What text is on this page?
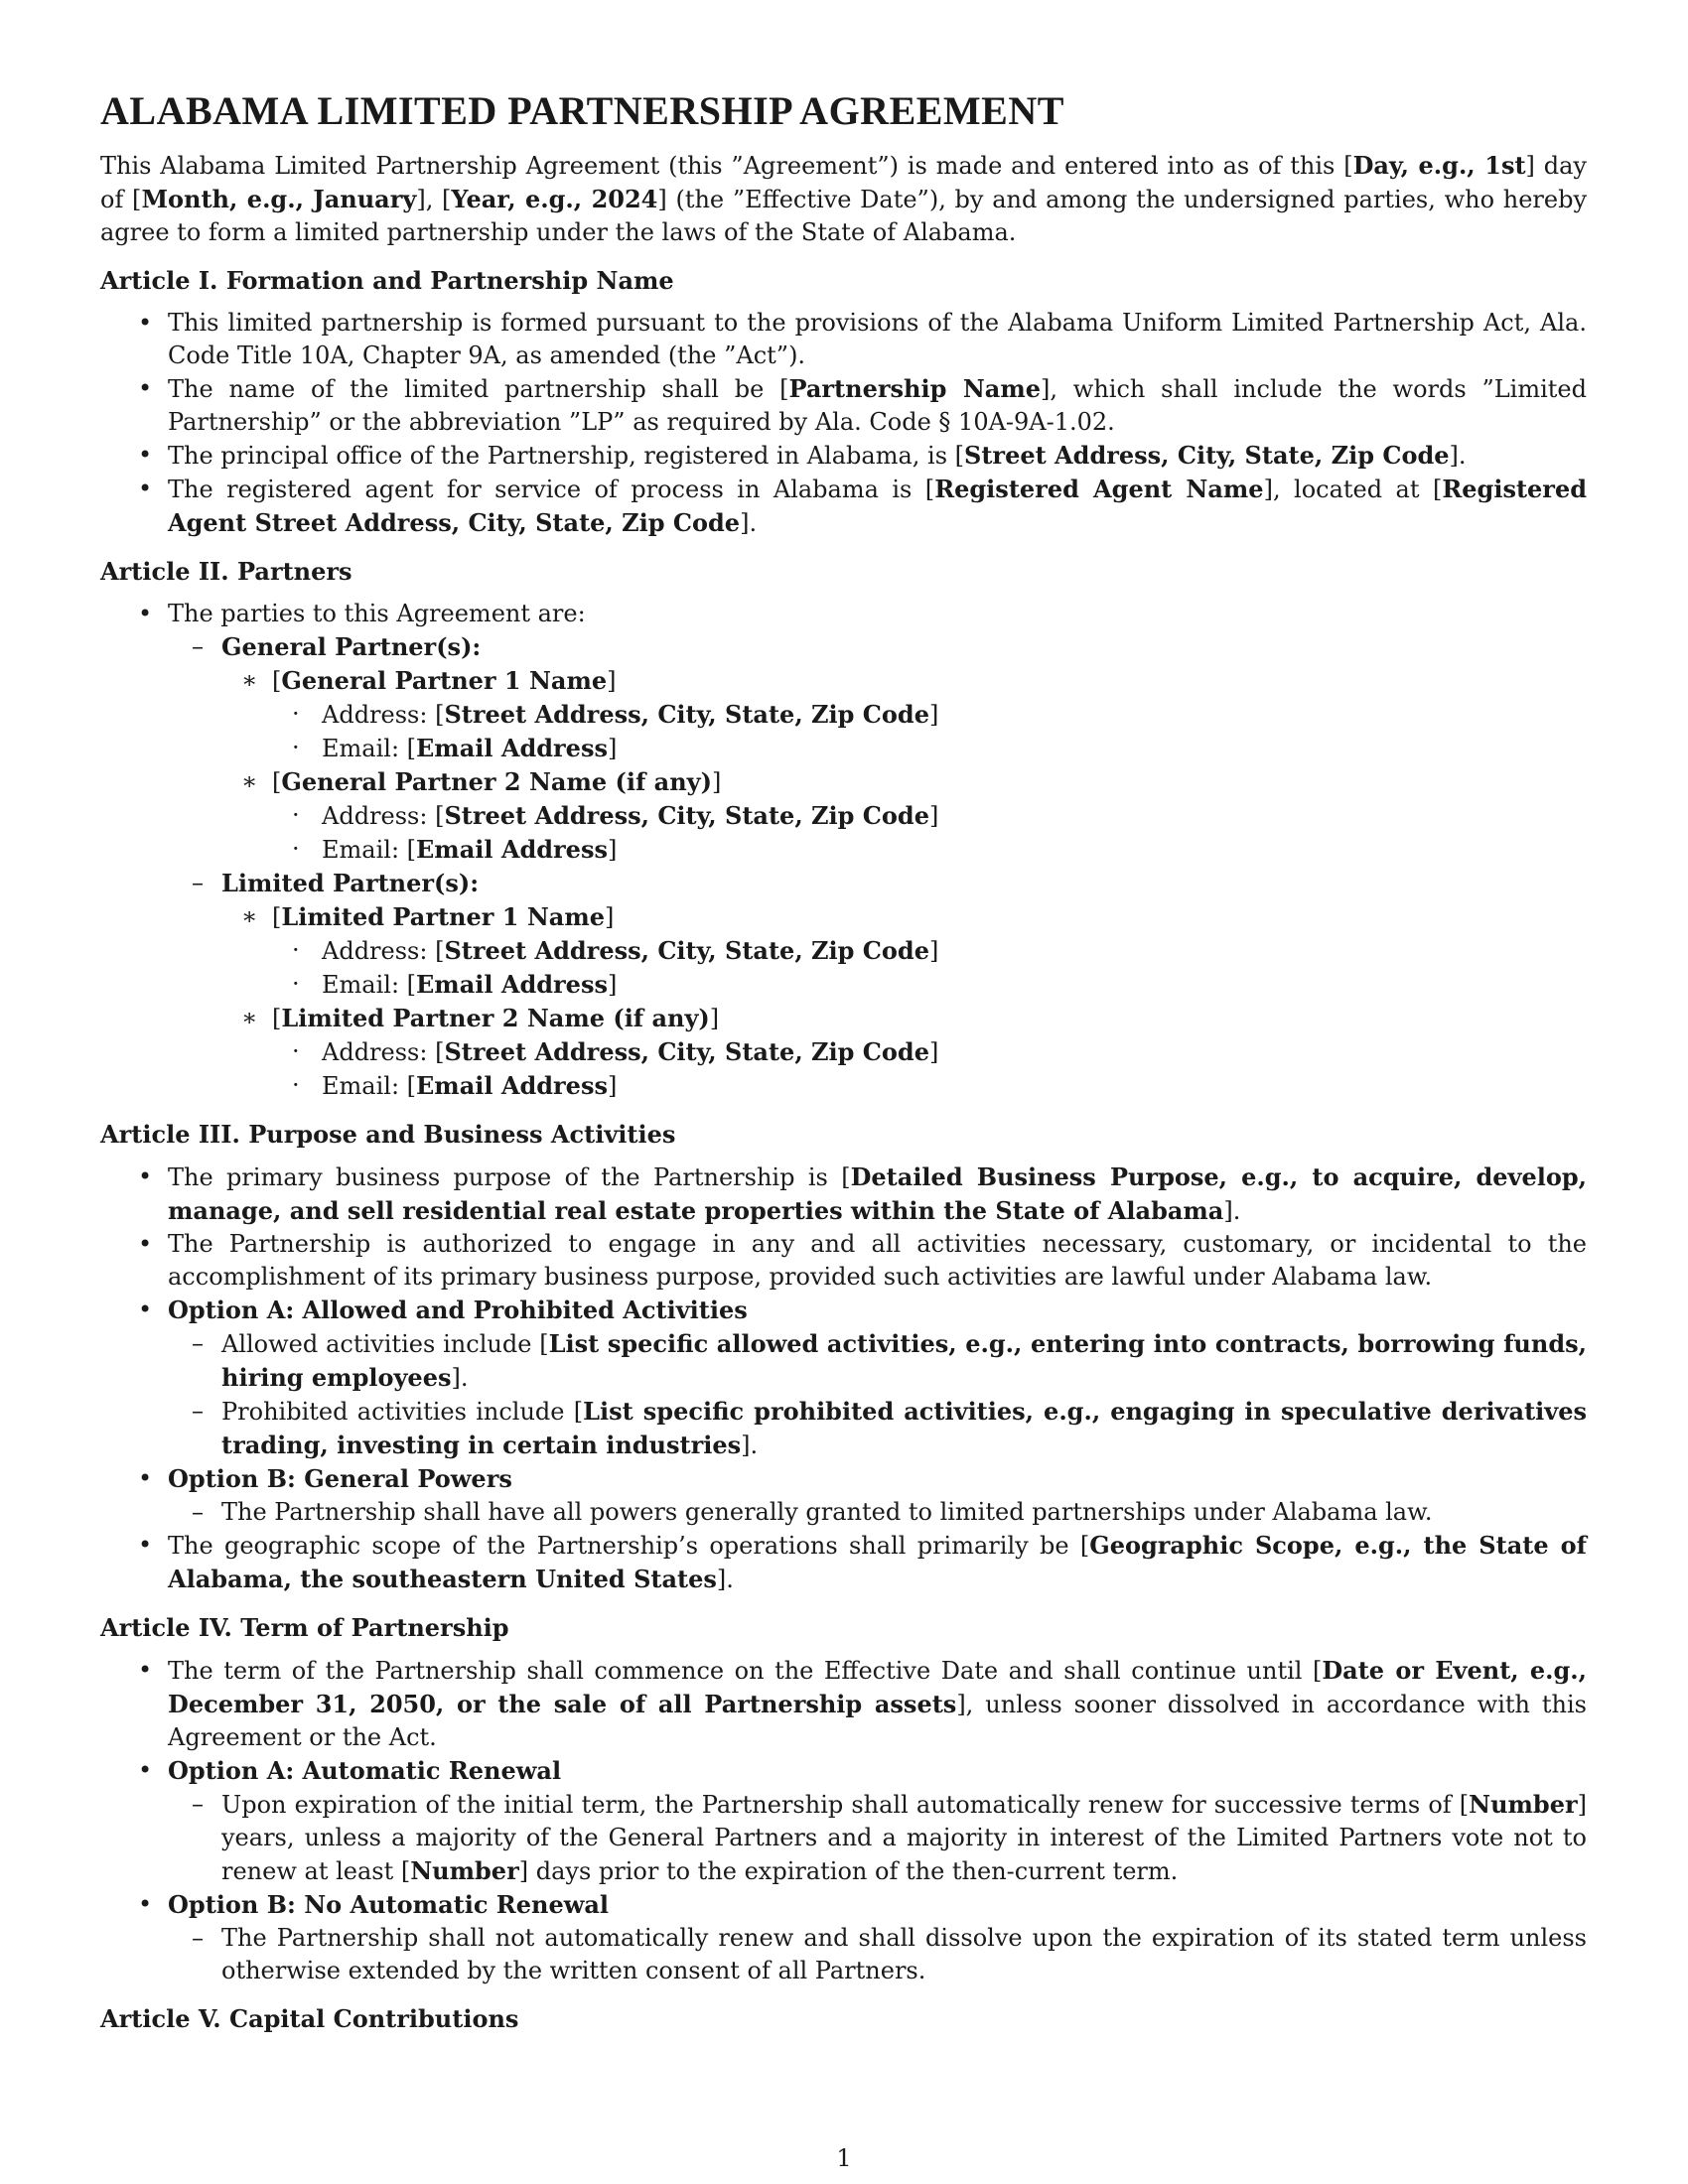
ALABAMA LIMITED PARTNERSHIP AGREEMENT

This Alabama Limited Partnership Agreement (this ”Agreement”) is made and entered into as of this [Day, e.g., 1st] day of [Month, e.g., January], [Year, e.g., 2024] (the ”Effective Date”), by and among the undersigned parties, who hereby agree to form a limited partnership under the laws of the State of Alabama.

Article I. Formation and Partnership Name
• This limited partnership is formed pursuant to the provisions of the Alabama Uniform Limited Partnership Act, Ala. Code Title 10A, Chapter 9A, as amended (the ”Act”).
• The name of the limited partnership shall be [Partnership Name], which shall include the words ”Limited Partnership” or the abbreviation ”LP” as required by Ala. Code § 10A-9A-1.02.
• The principal office of the Partnership, registered in Alabama, is [Street Address, City, State, Zip Code].
• The registered agent for service of process in Alabama is [Registered Agent Name], located at [Registered Agent Street Address, City, State, Zip Code].
Article II. Partners
• The parties to this Agreement are:
– General Partner(s):
∗ [General Partner 1 Name]
· Address: [Street Address, City, State, Zip Code]
· Email: [Email Address]
∗ [General Partner 2 Name (if any)]
· Address: [Street Address, City, State, Zip Code]
· Email: [Email Address]
– Limited Partner(s):
∗ [Limited Partner 1 Name]
· Address: [Street Address, City, State, Zip Code]
· Email: [Email Address]
∗ [Limited Partner 2 Name (if any)]
· Address: [Street Address, City, State, Zip Code]
· Email: [Email Address]
Article III. Purpose and Business Activities
• The primary business purpose of the Partnership is [Detailed Business Purpose, e.g., to acquire, develop, manage, and sell residential real estate properties within the State of Alabama].
• The Partnership is authorized to engage in any and all activities necessary, customary, or incidental to the accomplishment of its primary business purpose, provided such activities are lawful under Alabama law.
• Option A: Allowed and Prohibited Activities
– Allowed activities include [List specific allowed activities, e.g., entering into contracts, borrowing funds, hiring employees].
– Prohibited activities include [List specific prohibited activities, e.g., engaging in speculative derivatives trading, investing in certain industries].
• Option B: General Powers
– The Partnership shall have all powers generally granted to limited partnerships under Alabama law.
• The geographic scope of the Partnership’s operations shall primarily be [Geographic Scope, e.g., the State of Alabama, the southeastern United States].
Article IV. Term of Partnership
• The term of the Partnership shall commence on the Effective Date and shall continue until [Date or Event, e.g., December 31, 2050, or the sale of all Partnership assets], unless sooner dissolved in accordance with this Agreement or the Act.
• Option A: Automatic Renewal
– Upon expiration of the initial term, the Partnership shall automatically renew for successive terms of [Number] years, unless a majority of the General Partners and a majority in interest of the Limited Partners vote not to renew at least [Number] days prior to the expiration of the then-current term.
• Option B: No Automatic Renewal
– The Partnership shall not automatically renew and shall dissolve upon the expiration of its stated term unless otherwise extended by the written consent of all Partners.
Article V. Capital Contributions
1
